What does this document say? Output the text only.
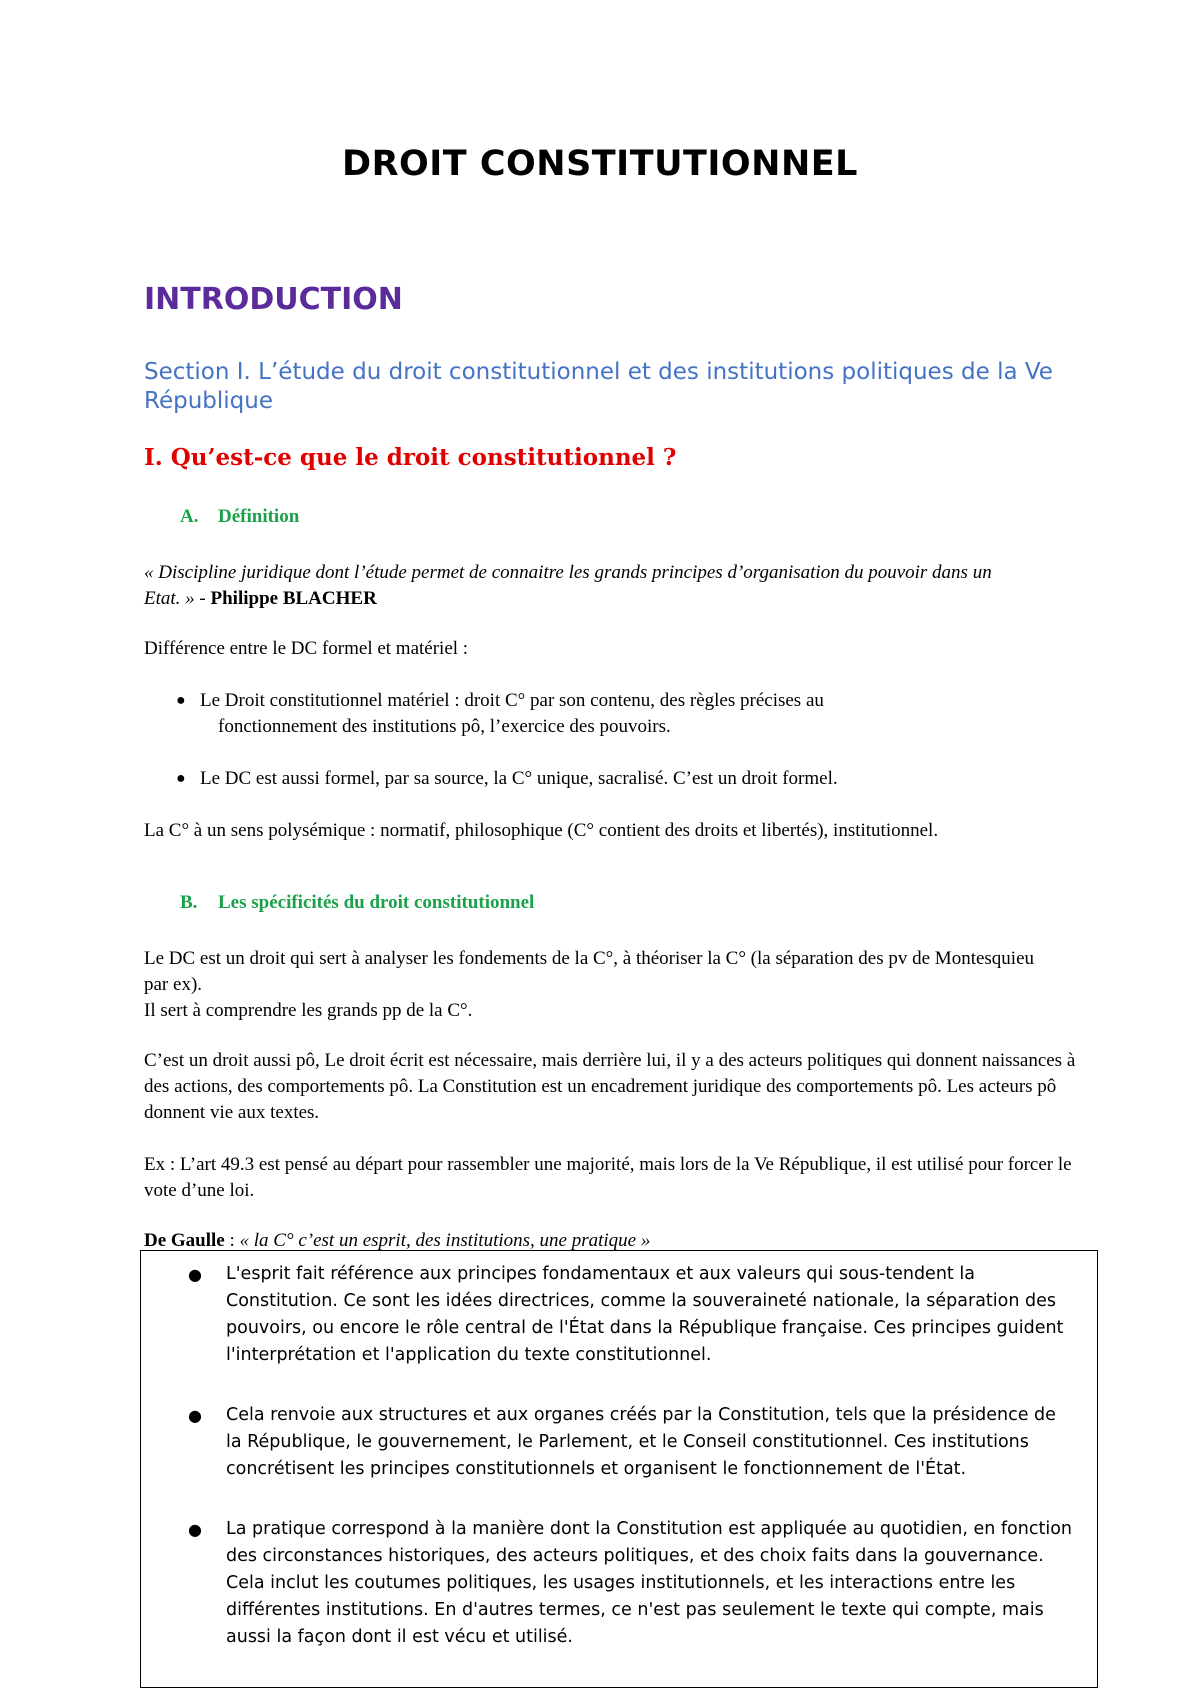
DROIT CONSTITUTIONNEL
INTRODUCTION
Section I. L’étude du droit constitutionnel et des institutions politiques de la Ve République
I. Qu’est-ce que le droit constitutionnel ?

A. Définition

« Discipline juridique dont l’étude permet de connaitre les grands principes d’organisation du pouvoir dans un Etat. » - Philippe BLACHER

Différence entre le DC formel et matériel :

● Le Droit constitutionnel matériel : droit C° par son contenu, des règles précises au
fonctionnement des institutions pô, l’exercice des pouvoirs.
● Le DC est aussi formel, par sa source, la C° unique, sacralisé. C’est un droit formel.

La C° à un sens polysémique : normatif, philosophique (C° contient des droits et libertés), institutionnel.

B. Les spécificités du droit constitutionnel

Le DC est un droit qui sert à analyser les fondements de la C°, à théoriser la C° (la séparation des pv de Montesquieu par ex).
Il sert à comprendre les grands pp de la C°.

C’est un droit aussi pô, Le droit écrit est nécessaire, mais derrière lui, il y a des acteurs politiques qui donnent naissances à des actions, des comportements pô. La Constitution est un encadrement juridique des comportements pô. Les acteurs pô donnent vie aux textes.

Ex : L’art 49.3 est pensé au départ pour rassembler une majorité, mais lors de la Ve République, il est utilisé pour forcer le vote d’une loi.

De Gaulle : « la C° c’est un esprit, des institutions, une pratique »

● L'esprit fait référence aux principes fondamentaux et aux valeurs qui sous-tendent la Constitution. Ce sont les idées directrices, comme la souveraineté nationale, la séparation des pouvoirs, ou encore le rôle central de l'État dans la République française. Ces principes guident l'interprétation et l'application du texte constitutionnel.
● Cela renvoie aux structures et aux organes créés par la Constitution, tels que la présidence de la République, le gouvernement, le Parlement, et le Conseil constitutionnel. Ces institutions concrétisent les principes constitutionnels et organisent le fonctionnement de l'État.
● La pratique correspond à la manière dont la Constitution est appliquée au quotidien, en fonction des circonstances historiques, des acteurs politiques, et des choix faits dans la gouvernance. Cela inclut les coutumes politiques, les usages institutionnels, et les interactions entre les différentes institutions. En d'autres termes, ce n'est pas seulement le texte qui compte, mais aussi la façon dont il est vécu et utilisé.
